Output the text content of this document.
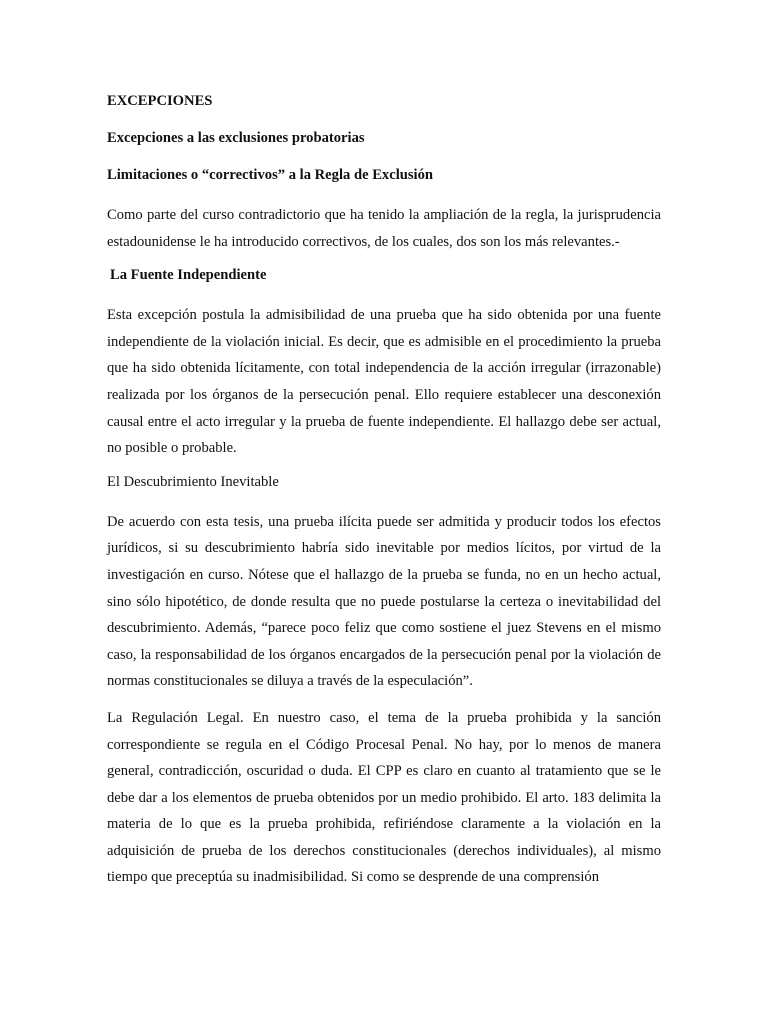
EXCEPCIONES
Excepciones a las exclusiones probatorias
Limitaciones o “correctivos” a la Regla de Exclusión
Como parte del curso contradictorio que ha tenido la ampliación de la regla, la jurisprudencia estadounidense le ha introducido correctivos, de los cuales, dos son los más relevantes.-
La Fuente Independiente
Esta excepción postula la admisibilidad de una prueba que ha sido obtenida por una fuente independiente de la violación inicial. Es decir, que es admisible en el procedimiento la prueba que ha sido obtenida lícitamente, con total independencia de la acción irregular (irrazonable) realizada por los órganos de la persecución penal. Ello requiere establecer una desconexión causal entre el acto irregular y la prueba de fuente independiente. El hallazgo debe ser actual, no posible o probable.
El Descubrimiento Inevitable
De acuerdo con esta tesis, una prueba ilícita puede ser admitida y producir todos los efectos jurídicos, si su descubrimiento habría sido inevitable por medios lícitos, por virtud de la investigación en curso. Nótese que el hallazgo de la prueba se funda, no en un hecho actual, sino sólo hipotético, de donde resulta que no puede postularse la certeza o inevitabilidad del descubrimiento. Además, “parece poco feliz que como sostiene el juez Stevens en el mismo caso, la responsabilidad de los órganos encargados de la persecución penal por la violación de normas constitucionales se diluya a través de la especulación”.
La Regulación Legal. En nuestro caso, el tema de la prueba prohibida y la sanción correspondiente se regula en el Código Procesal Penal. No hay, por lo menos de manera general, contradicción, oscuridad o duda. El CPP es claro en cuanto al tratamiento que se le debe dar a los elementos de prueba obtenidos por un medio prohibido. El arto. 183 delimita la materia de lo que es la prueba prohibida, refiriéndose claramente a la violación en la adquisición de prueba de los derechos constitucionales (derechos individuales), al mismo tiempo que preceptúa su inadmisibilidad. Si como se desprende de una comprensión
